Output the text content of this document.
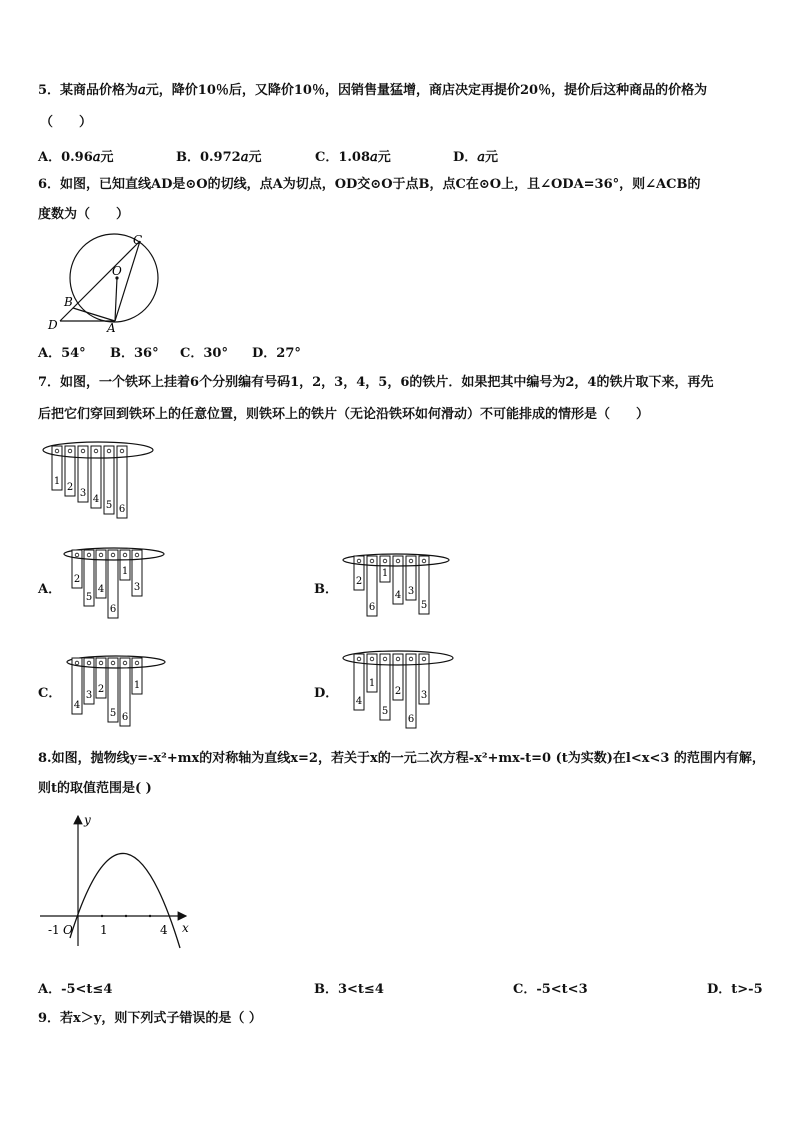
5．某商品价格为𝑎元，降价10％后，又降价10％，因销售量猛增，商店决定再提价20％，提价后这种商品的价格为
（　　）
A．0.96𝑎元	B．0.972𝑎元	C．1.08𝑎元	D．𝑎元
6．如图，已知直线AD是⊙O的切线，点A为切点，OD交⊙O于点B，点C在⊙O上，且∠ODA=36°，则∠ACB的
度数为（　　）
C
O
B
D	A
A．54° B．36° C．30° D．27°
7．如图，一个铁环上挂着6个分别编有号码1，2，3，4，5，6的铁片．如果把其中编号为2，4的铁片取下来，再先
后把它们穿回到铁环上的任意位置，则铁环上的铁片（无论沿铁环如何滑动）不可能排成的情形是（　　）
1
2
3
4
5 6
A．
2
5
4
6
1
3	B．
2
6
1
4 3
5
C．
4
3
2
5 6
1
D．
4
1
5
2
6
3
8.如图，抛物线y=-x²+mx的对称轴为直线x=2，若关于x的一元二次方程-x²+mx-t=0 (t为实数)在l<x<3 的范围内有解，
则t的取值范围是( )
y
x
-1 O 1	4
A．-5<t≤4	B．3<t≤4	C．-5<t<3	D．t>-5
9．若x＞y，则下列式子错误的是（ ）
